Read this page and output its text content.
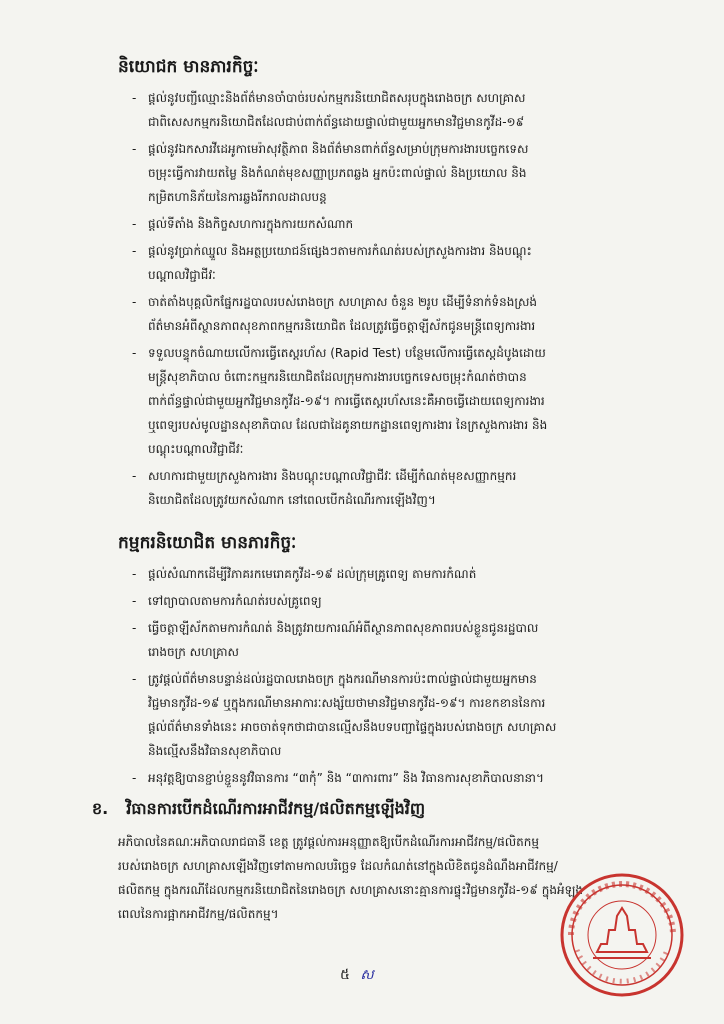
និយោជក មានភារកិច្ចៈ
- ផ្ដល់នូវបញ្ជីឈ្មោះនិងព័ត៌មានចាំបាច់របស់កម្មករនិយោជិតសរុបក្នុងរោងចក្រ សហគ្រាស
ជាពិសេសកម្មករនិយោជិតដែលជាប់ពាក់ព័ន្ធដោយផ្ទាល់ជាមួយអ្នកមានវិជ្ជមានកូវីដ-១៩
- ផ្ដល់នូវឯកសារវីដេអូកាមេរ៉ាសុវត្ថិភាព និងព័ត៌មានពាក់ព័ន្ធសម្រាប់ក្រុមការងារបច្ចេកទេស
ចម្រុះធ្វើការវាយតម្លៃ និងកំណត់មុខសញ្ញាប្រភពឆ្លង អ្នកប៉ះពាល់ផ្ទាល់ និងប្រយោល និង
កម្រិតហានិភ័យនៃការឆ្លងរីករាលដាលបន្ត
- ផ្ដល់ទីតាំង និងកិច្ចសហការក្នុងការយកសំណាក
- ផ្ដល់នូវប្រាក់ឈ្នួល និងអត្ថប្រយោជន៍ផ្សេងៗតាមការកំណត់របស់ក្រសួងការងារ និងបណ្ដុះ
បណ្ដាលវិជ្ជាជីវៈ
- ចាត់តាំងបុគ្គលិកផ្នែករដ្ឋបាលរបស់រោងចក្រ សហគ្រាស ចំនួន ២រូប ដើម្បីទំនាក់ទំនងស្រង់
ព័ត៌មានអំពីស្ថានភាពសុខភាពកម្មករនិយោជិត ដែលត្រូវធ្វើចត្តាឡីស័កជូនមន្ត្រីពេទ្យការងារ
- ទទួលបន្ទុកចំណាយលើការធ្វើតេស្តរហ័ស (Rapid Test) បន្ថែមលើការធ្វើតេស្តដំបូងដោយ
មន្ត្រីសុខាភិបាល ចំពោះកម្មករនិយោជិតដែលក្រុមការងារបច្ចេកទេសចម្រុះកំណត់ថាបាន
ពាក់ព័ន្ធផ្ទាល់ជាមួយអ្នកវិជ្ជមានកូវីដ-១៩។ ការធ្វើតេស្តរហ័សនេះគឺអាចធ្វើដោយពេទ្យការងារ
ឬពេទ្យរបស់មូលដ្ឋានសុខាភិបាល ដែលជាដៃគូនាយកដ្ឋានពេទ្យការងារ នៃក្រសួងការងារ និង
បណ្ដុះបណ្ដាលវិជ្ជាជីវៈ
- សហការជាមួយក្រសួងការងារ និងបណ្ដុះបណ្ដាលវិជ្ជាជីវៈ ដើម្បីកំណត់មុខសញ្ញាកម្មករ
និយោជិតដែលត្រូវយកសំណាក នៅពេលបើកដំណើរការឡើងវិញ។
កម្មករនិយោជិត មានភារកិច្ចៈ
- ផ្ដល់សំណាកដើម្បីវិភាគរកមេរោគកូវីដ-១៩ ដល់ក្រុមគ្រូពេទ្យ តាមការកំណត់
- ទៅព្យាបាលតាមការកំណត់របស់គ្រូពេទ្យ
- ធ្វើចត្តាឡីស័កតាមការកំណត់ និងត្រូវរាយការណ៍អំពីស្ថានភាពសុខភាពរបស់ខ្លួនជូនរដ្ឋបាល
រោងចក្រ សហគ្រាស
- ត្រូវផ្ដល់ព័ត៌មានបន្ទាន់ដល់រដ្ឋបាលរោងចក្រ ក្នុងករណីមានការប៉ះពាល់ផ្ទាល់ជាមួយអ្នកមាន
វិជ្ជមានកូវីដ-១៩ ឬក្នុងករណីមានអាការៈសង្ស័យថាមានវិជ្ជមានកូវីដ-១៩។ ការខកខាននៃការ
ផ្ដល់ព័ត៌មានទាំងនេះ អាចចាត់ទុកថាជាបានល្មើសនឹងបទបញ្ជាផ្ទៃក្នុងរបស់រោងចក្រ សហគ្រាស
និងល្មើសនឹងវិធានសុខាភិបាល
- អនុវត្តឱ្យបានខ្ជាប់ខ្ជួននូវវិធានការ “៣កុំ” និង “៣ការពារ” និង វិធានការសុខាភិបាលនានា។
ខ. វិធានការបើកដំណើរការអាជីវកម្ម/ផលិតកម្មឡើងវិញ
អភិបាលនៃគណៈអភិបាលរាជធានី ខេត្ត ត្រូវផ្ដល់ការអនុញ្ញាតឱ្យបើកដំណើរការអាជីវកម្ម/ផលិតកម្ម
របស់រោងចក្រ សហគ្រាសឡើងវិញទៅតាមកាលបរិច្ឆេទ ដែលកំណត់នៅក្នុងលិខិតជូនដំណឹងអាជីវកម្ម/
ផលិតកម្ម ក្នុងករណីដែលកម្មករនិយោជិតនៃរោងចក្រ សហគ្រាសនោះគ្មានការផ្ទុះវិជ្ជមានកូវីដ-១៩ ក្នុងអំឡុង
ពេលនៃការផ្អាកអាជីវកម្ម/ផលិតកម្ម។
៥ ស
